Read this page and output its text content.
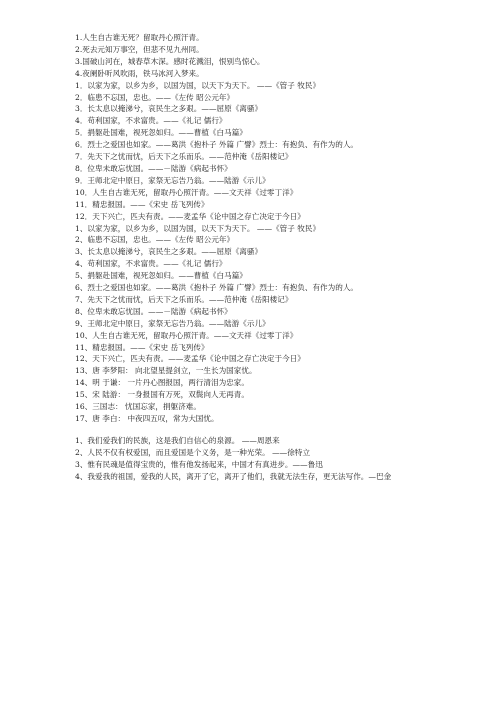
1.人生自古谁无死？留取丹心照汗青。
2.死去元知万事空，但悲不见九州同。
3.国破山河在，城春草木深。感时花溅泪，恨别鸟惊心。
4.夜阑卧听风吹雨，铁马冰河入梦来。
1．以家为家，以乡为乡，以国为国，以天下为天下。 ——《管子 牧民》
2．临患不忘国，忠也。——《左传 昭公元年》
3．长太息以掩涕兮，哀民生之多艰。——屈原《离骚》
4．苟利国家，不求富贵。——《礼记 儒行》
5．捐躯赴国难，视死忽如归。——曹植《白马篇》
6．烈士之爱国也如家。——葛洪《抱朴子 外篇 广譬》烈士：有抱负、有作为的人。
7．先天下之忧而忧，后天下之乐而乐。——范仲淹《岳阳楼记》
8．位卑未敢忘忧国。——－陆游《病起书怀》
9．王师北定中原日，家祭无忘告乃翁。——陆游《示儿》
10．人生自古谁无死，留取丹心照汗青。——文天祥《过零丁洋》
11．精忠报国。——《宋史 岳飞列传》
12．天下兴亡，匹夫有责。——麦孟华《论中国之存亡决定于今日》
1、以家为家，以乡为乡，以国为国，以天下为天下。 ——《管子 牧民》
2、临患不忘国，忠也。——《左传 昭公元年》
3、长太息以掩涕兮，哀民生之多艰。——屈原《离骚》
4、苟利国家，不求富贵。——《礼记 儒行》
5、捐躯赴国难，视死忽如归。——曹植《白马篇》
6、烈士之爱国也如家。——葛洪《抱朴子 外篇 广譬》烈士：有抱负、有作为的人。
7、先天下之忧而忧，后天下之乐而乐。——范仲淹《岳阳楼记》
8、位卑未敢忘忧国。——－陆游《病起书怀》
9、王师北定中原日，家祭无忘告乃翁。——陆游《示儿》
10、人生自古谁无死，留取丹心照汗青。——文天祥《过零丁洋》
11、精忠报国。——《宋史 岳飞列传》
12、天下兴亡，匹夫有责。——麦孟华《论中国之存亡决定于今日》
13、唐 李梦阳： 向北望星提剑立，一生长为国家忧。
14、明 于谦： 一片丹心图报国，两行清泪为忠家。
15、宋 陆游： 一身报国有万死，双鬓向人无再青。
16、三国志： 忧国忘家，捐躯济难。
17、唐 李白： 中夜四五叹，常为大国忧。
1、我们爱我们的民族，这是我们自信心的泉源。 ——周恩来
2、人民不仅有权爱国，而且爱国是个义务，是一种光荣。 ——徐特立
3、惟有民魂是值得宝贵的，惟有他发扬起来，中国才有真进步。——鲁迅
4、我爱我的祖国，爱我的人民，离开了它，离开了他们，我就无法生存，更无法写作。—巴金
